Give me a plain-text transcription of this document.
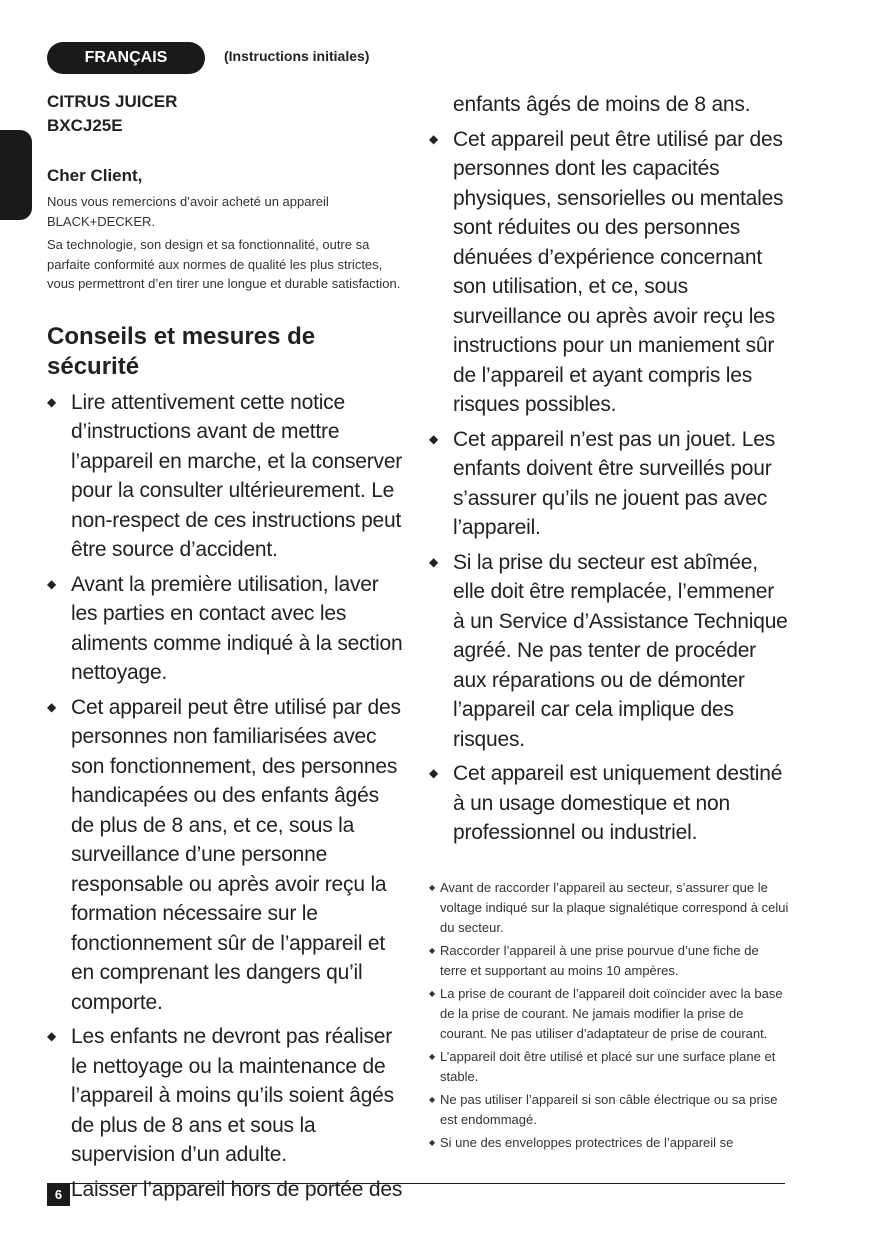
FRANÇAIS	(Instructions initiales)
CITRUS JUICER
BXCJ25E
Cher Client,

Nous vous remercions d’avoir acheté un appareil BLACK+DECKER.

Sa technologie, son design et sa fonctionnalité, outre sa parfaite conformité aux normes de qualité les plus strictes, vous permettront d’en tirer une longue et durable satisfaction.

Conseils et mesures de sécurité
◆ Lire attentivement cette notice d’instructions avant de mettre l’appareil en marche, et la conserver pour la consulter ultérieurement. Le non-respect de ces instructions peut être source d’accident.
◆ Avant la première utilisation, laver les parties en contact avec les aliments comme indiqué à la section nettoyage.
◆ Cet appareil peut être utilisé par des personnes non familiarisées avec son fonctionnement, des personnes handicapées ou des enfants âgés de plus de 8 ans, et ce, sous la surveillance d’une personne responsable ou après avoir reçu la formation nécessaire sur le fonctionnement sûr de l’appareil et en comprenant les dangers qu’il comporte.
◆ Les enfants ne devront pas réaliser le nettoyage ou la maintenance de l’appareil à moins qu’ils soient âgés de plus de 8 ans et sous la supervision d’un adulte.
Laisser l’appareil hors de portée des
enfants âgés de moins de 8 ans.
◆ Cet appareil peut être utilisé par des personnes dont les capacités physiques, sensorielles ou mentales sont réduites ou des personnes dénuées d’expérience concernant son utilisation, et ce, sous surveillance ou après avoir reçu les instructions pour un maniement sûr de l’appareil et ayant compris les risques possibles.
◆ Cet appareil n’est pas un jouet. Les enfants doivent être surveillés pour s’assurer qu’ils ne jouent pas avec l’appareil.
◆ Si la prise du secteur est abîmée, elle doit être remplacée, l’emmener à un Service d’Assistance Technique agréé. Ne pas tenter de procéder aux réparations ou de démonter l’appareil car cela implique des risques.
◆ Cet appareil est uniquement destiné à un usage domestique et non professionnel ou industriel.
◆ Avant de raccorder l’appareil au secteur, s’assurer que le voltage indiqué sur la plaque signalétique correspond à celui du secteur.
◆ Raccorder l’appareil à une prise pourvue d’une fiche de terre et supportant au moins 10 ampères.
◆ La prise de courant de l’appareil doit coïncider avec la base de la prise de courant. Ne jamais modifier la prise de courant. Ne pas utiliser d’adaptateur de prise de courant.
◆ L’appareil doit être utilisé et placé sur une surface plane et stable.
◆ Ne pas utiliser l’appareil si son câble électrique ou sa prise est endommagé.
◆ Si une des enveloppes protectrices de l’appareil se
6
